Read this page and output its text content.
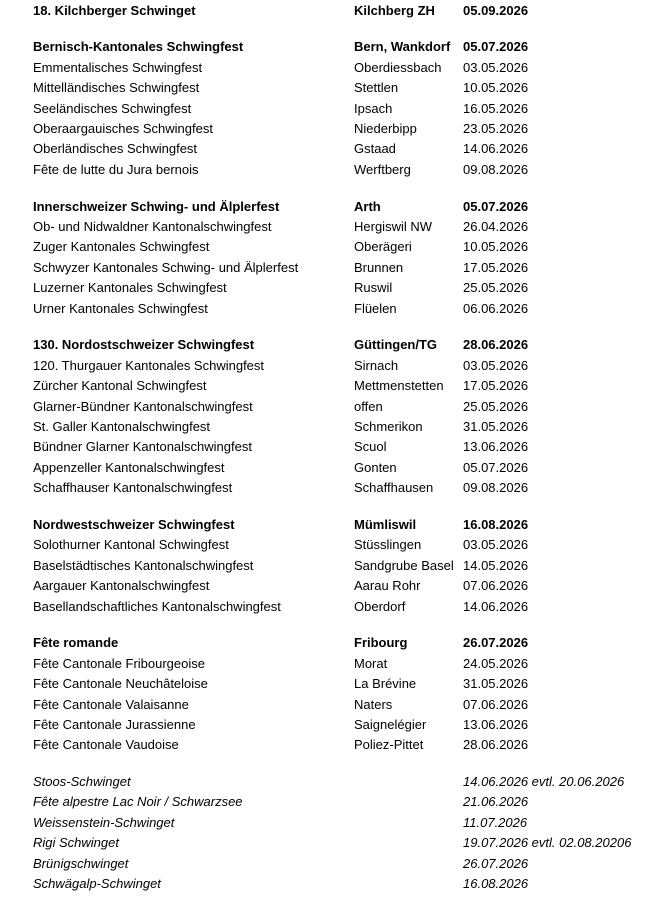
18. Kilchberger Schwinget	Kilchberg ZH 05.09.2026
Bernisch-Kantonales Schwingfest	Bern, Wankdorf 05.07.2026
Emmentalisches Schwingfest	Oberdiessbach 03.05.2026
Mittelländisches Schwingfest	Stettlen	10.05.2026
Seeländisches Schwingfest	Ipsach	16.05.2026
Oberaargauisches Schwingfest	Niederbipp	23.05.2026
Oberländisches Schwingfest	Gstaad	14.06.2026
Fête de lutte du Jura bernois	Werftberg	09.08.2026
Innerschweizer Schwing- und Älplerfest	Arth	05.07.2026
Ob- und Nidwaldner Kantonalschwingfest	Hergiswil NW 26.04.2026
Zuger Kantonales Schwingfest	Oberägeri	10.05.2026
Schwyzer Kantonales Schwing- und Älplerfest	Brunnen	17.05.2026
Luzerner Kantonales Schwingfest	Ruswil	25.05.2026
Urner Kantonales Schwingfest	Flüelen	06.06.2026
130. Nordostschweizer Schwingfest	Güttingen/TG 28.06.2026
120. Thurgauer Kantonales Schwingfest	Sirnach	03.05.2026
Zürcher Kantonal Schwingfest	Mettmenstetten 17.05.2026
Glarner-Bündner Kantonalschwingfest	offen	25.05.2026
St. Galler Kantonalschwingfest	Schmerikon	31.05.2026
Bündner Glarner Kantonalschwingfest	Scuol	13.06.2026
Appenzeller Kantonalschwingfest	Gonten	05.07.2026
Schaffhauser Kantonalschwingfest	Schaffhausen 09.08.2026
Nordwestschweizer Schwingfest	Mümliswil	16.08.2026
Solothurner Kantonal Schwingfest	Stüsslingen	03.05.2026
Baselstädtisches Kantonalschwingfest	Sandgrube Basel 14.05.2026
Aargauer Kantonalschwingfest	Aarau Rohr	07.06.2026
Basellandschaftliches Kantonalschwingfest	Oberdorf	14.06.2026
Fête romande	Fribourg	26.07.2026
Fête Cantonale Fribourgeoise	Morat	24.05.2026
Fête Cantonale Neuchâteloise	La Brévine	31.05.2026
Fête Cantonale Valaisanne	Naters	07.06.2026
Fête Cantonale Jurassienne	Saignelégier	13.06.2026
Fête Cantonale Vaudoise	Poliez-Pittet	28.06.2026
Stoos-Schwinget	14.06.2026 evtl. 20.06.2026
Fête alpestre Lac Noir / Schwarzsee	21.06.2026
Weissenstein-Schwinget	11.07.2026
Rigi Schwinget	19.07.2026 evtl. 02.08.20206
Brünigschwinget	26.07.2026
Schwägalp-Schwinget	16.08.2026
